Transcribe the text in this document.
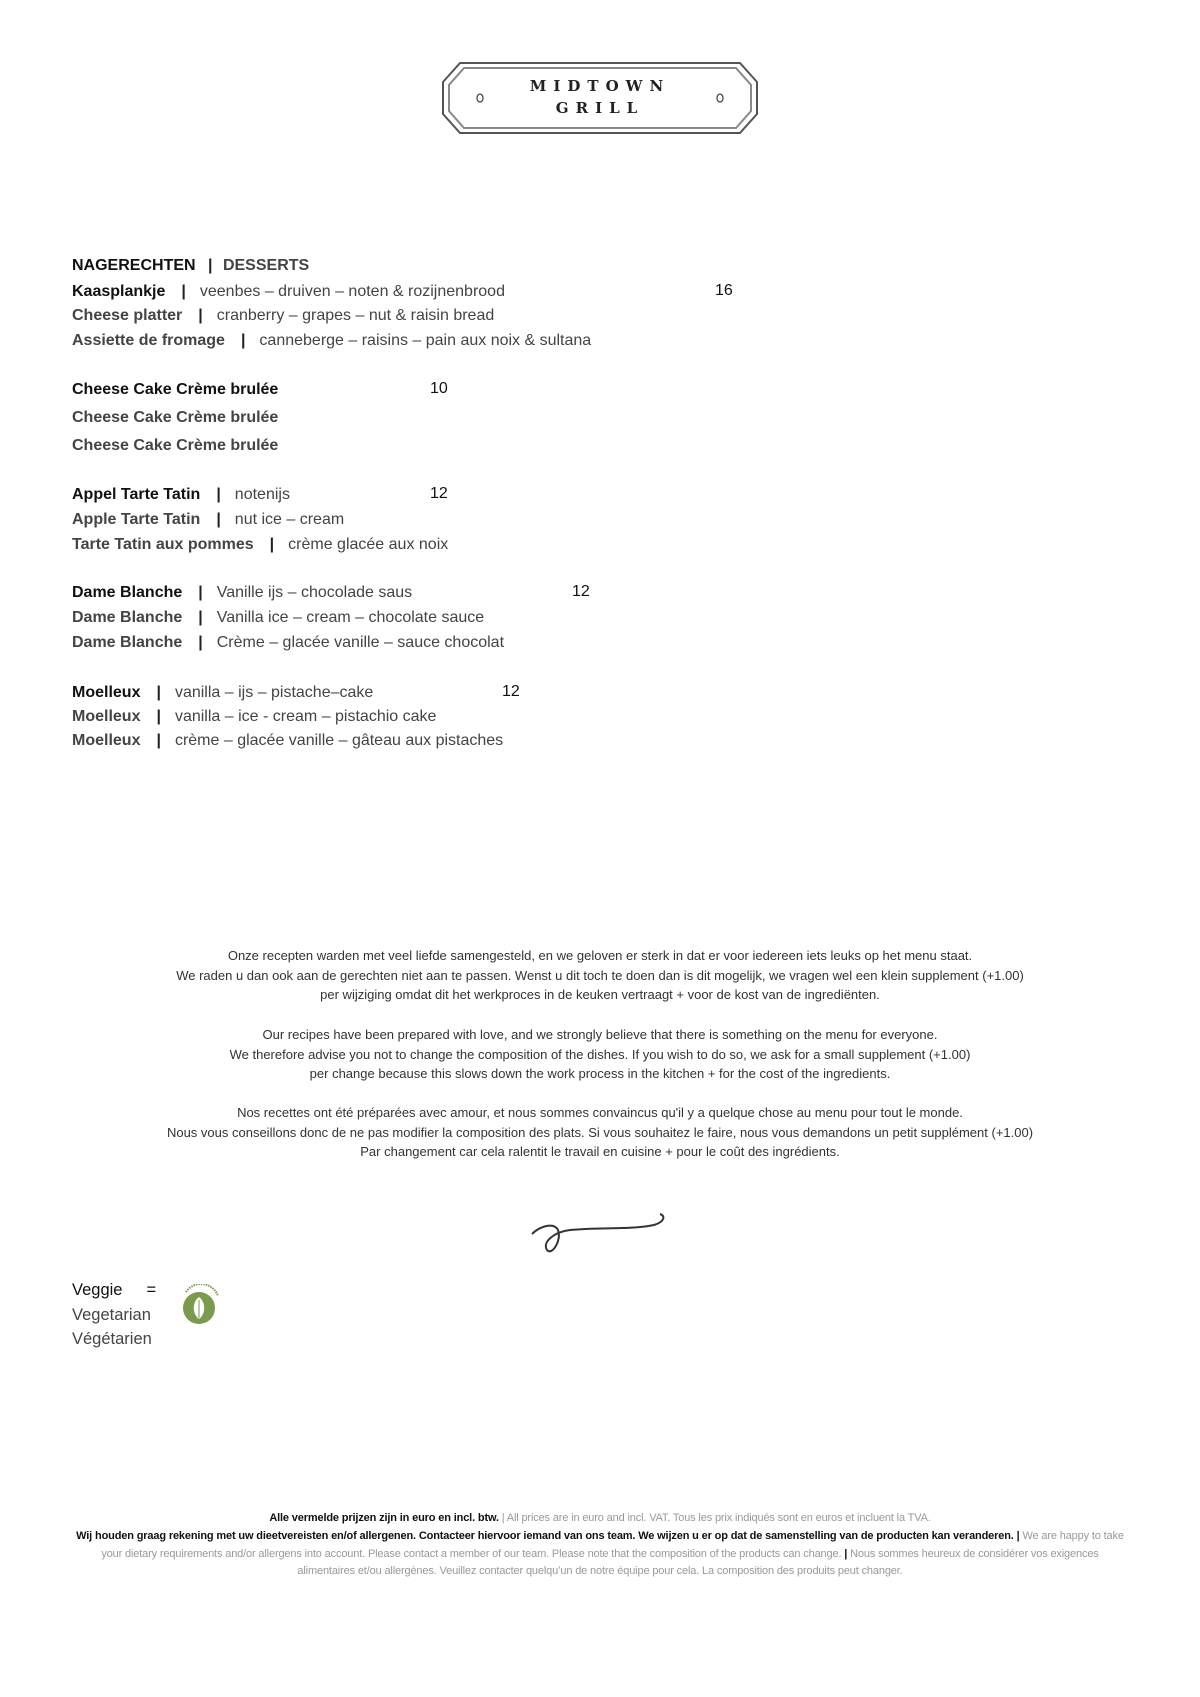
MIDTOWN
GRILL
NAGERECHTEN | DESSERTS
Kaasplankje | veenbes – druiven – noten & rozijnenbrood
Cheese platter | cranberry – grapes – nut & raisin bread
Assiette de fromage | canneberge – raisins – pain aux noix & sultana
16
Cheese Cake Crème brulée
Cheese Cake Crème brulée
Cheese Cake Crème brulée
10
Appel Tarte Tatin | notenijs
Apple Tarte Tatin | nut ice – cream
Tarte Tatin aux pommes | crème glacée aux noix
12
Dame Blanche | Vanille ijs – chocolade saus
Dame Blanche | Vanilla ice – cream – chocolate sauce
Dame Blanche | Crème – glacée vanille – sauce chocolat
12
Moelleux | vanilla – ijs – pistache–cake
Moelleux | vanilla – ice - cream – pistachio cake
Moelleux | crème – glacée vanille – gâteau aux pistaches
12
Onze recepten warden met veel liefde samengesteld, en we geloven er sterk in dat er voor iedereen iets leuks op het menu staat.
We raden u dan ook aan de gerechten niet aan te passen. Wenst u dit toch te doen dan is dit mogelijk, we vragen wel een klein supplement (+1.00)
per wijziging omdat dit het werkproces in de keuken vertraagt + voor de kost van de ingrediënten.
Our recipes have been prepared with love, and we strongly believe that there is something on the menu for everyone.
We therefore advise you not to change the composition of the dishes. If you wish to do so, we ask for a small supplement (+1.00)
per change because this slows down the work process in the kitchen + for the cost of the ingredients.
Nos recettes ont été préparées avec amour, et nous sommes convaincus qu'il y a quelque chose au menu pour tout le monde.
Nous vous conseillons donc de ne pas modifier la composition des plats. Si vous souhaitez le faire, nous vous demandons un petit supplément (+1.00)
Par changement car cela ralentit le travail en cuisine + pour le coût des ingrédients.
Veggie =
Vegetarian
Végétarien
Alle vermelde prijzen zijn in euro en incl. btw. | All prices are in euro and incl. VAT. Tous les prix indiqués sont en euros et incluent la TVA.
Wij houden graag rekening met uw dieetvereisten en/of allergenen. Contacteer hiervoor iemand van ons team. We wijzen u er op dat de samenstelling van de producten kan veranderen. | We are happy to take your dietary requirements and/or allergens into account. Please contact a member of our team. Please note that the composition of the products can change. | Nous sommes heureux de considérer vos exigences alimentaires et/ou allergènes. Veuillez contacter quelqu’un de notre équipe pour cela. La composition des produits peut changer.
